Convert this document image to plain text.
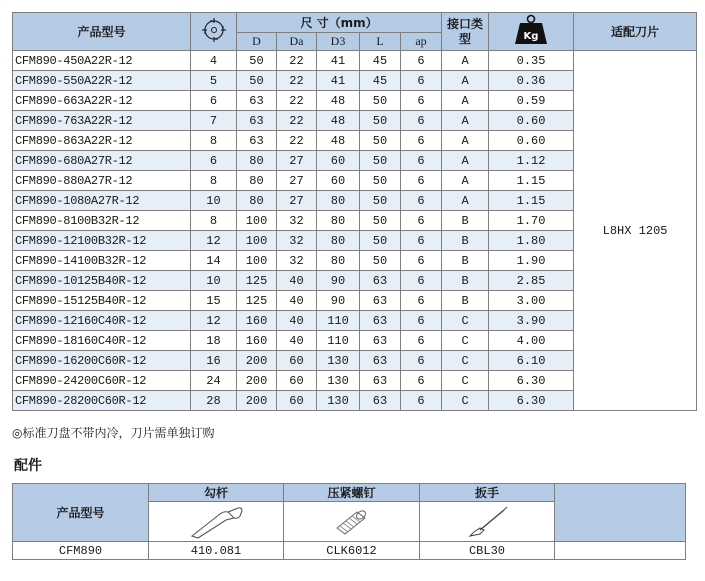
产品型号		尺 寸（mm）					接口类型	Kg	适配刀片
		D	Da	D3	L	ap			
CFM890-450A22R-12	4	50	22	41	45	6	A	0.35	L8HX 1205
CFM890-550A22R-12	5	50	22	41	45	6	A	0.36	
CFM890-663A22R-12	6	63	22	48	50	6	A	0.59	
CFM890-763A22R-12	7	63	22	48	50	6	A	0.60	
CFM890-863A22R-12	8	63	22	48	50	6	A	0.60	
CFM890-680A27R-12	6	80	27	60	50	6	A	1.12	
CFM890-880A27R-12	8	80	27	60	50	6	A	1.15	
CFM890-1080A27R-12	10	80	27	80	50	6	A	1.15	
CFM890-8100B32R-12	8	100	32	80	50	6	B	1.70	
CFM890-12100B32R-12	12	100	32	80	50	6	B	1.80	
CFM890-14100B32R-12	14	100	32	80	50	6	B	1.90	
CFM890-10125B40R-12	10	125	40	90	63	6	B	2.85	
CFM890-15125B40R-12	15	125	40	90	63	6	B	3.00	
CFM890-12160C40R-12	12	160	40	110	63	6	C	3.90	
CFM890-18160C40R-12	18	160	40	110	63	6	C	4.00	
CFM890-16200C60R-12	16	200	60	130	63	6	C	6.10	
CFM890-24200C60R-12	24	200	60	130	63	6	C	6.30	
CFM890-28200C60R-12	28	200	60	130	63	6	C	6.30	
◎标准刀盘不带内冷，刀片需单独订购
配件
产品型号	勾杆	压紧螺钉	扳手	

CFM890	410.081	CLK6012	CBL30	
